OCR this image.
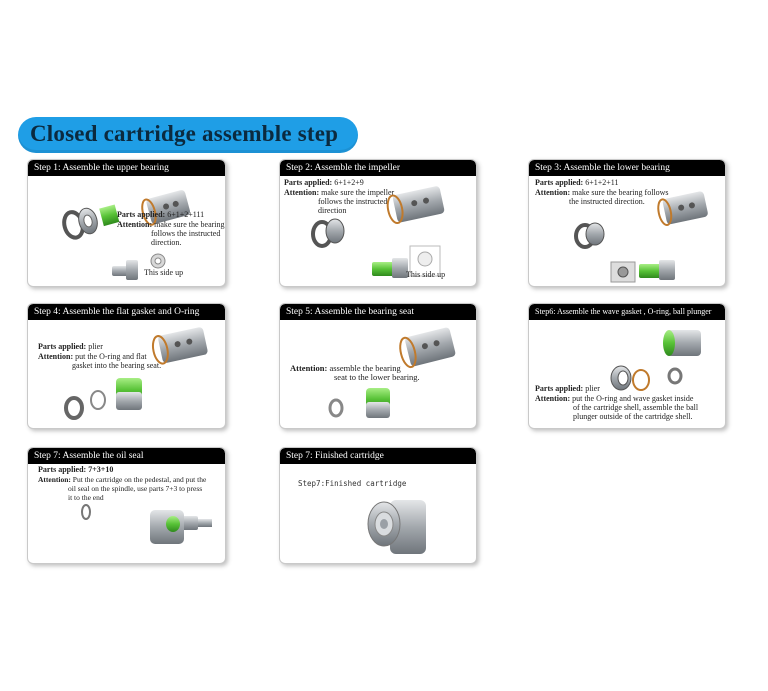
Closed cartridge assemble step
Step 1: Assemble the upper bearing
Parts applied: 6+1+2+111
Attention: make sure the bearing
follows the instructed
direction.
This side up
Step 2: Assemble the impeller
Parts applied: 6+1+2+9
Attention: make sure the impeller
follows the instructed
direction
This side up
Step 3: Assemble the lower bearing
Parts applied: 6+1+2+11
Attention: make sure the bearing follows
the instructed direction.
Step 4: Assemble the flat gasket and O-ring
Parts applied: plier
Attention: put the O-ring and flat
gasket into the bearing seat.
Step 5: Assemble the bearing seat
Attention: assemble the bearing
seat to the lower bearing.
Step6: Assemble the wave gasket , O-ring, ball plunger
Parts applied: plier
Attention: put the O-ring and wave gasket inside
of the cartridge shell, assemble the ball
plunger outside of the cartridge shell.
Step 7: Assemble the oil seal
Parts applied: 7+3+10
Attention: Put the cartridge on the pedestal, and put the
oil seal on the spindle, use parts 7+3 to press
it to the end
Step 7: Finished cartridge
Step7:Finished cartridge
